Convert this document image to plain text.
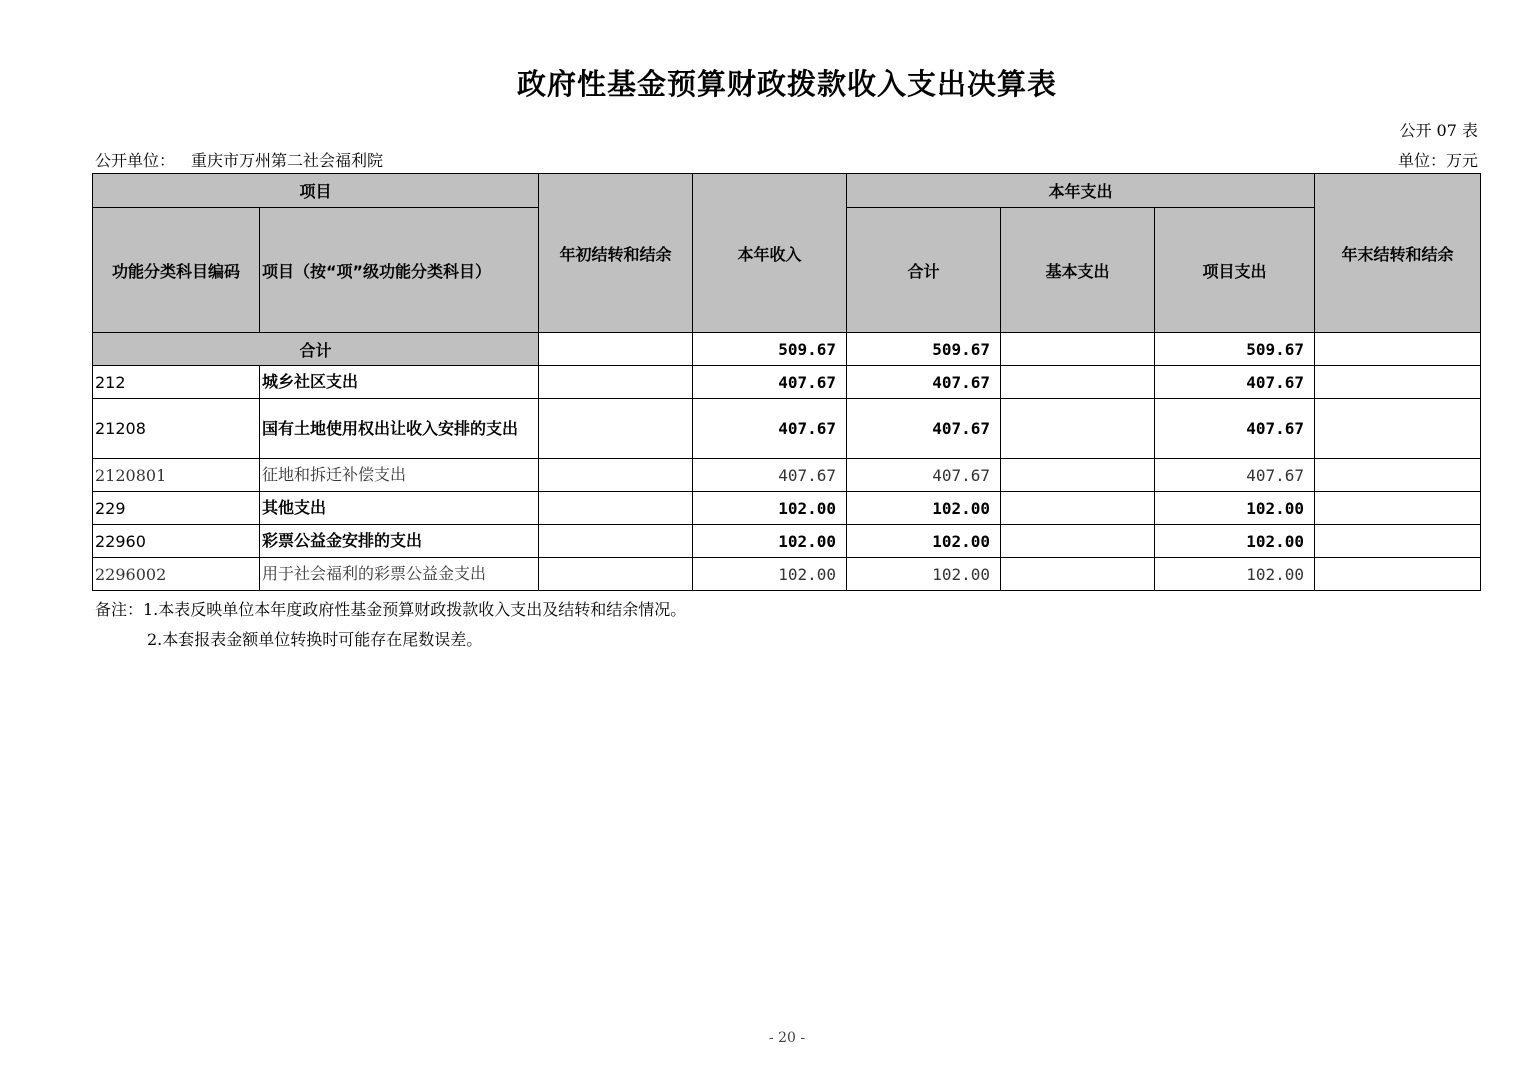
政府性基金预算财政拨款收入支出决算表
公开 07 表
公开单位： 重庆市万州第二社会福利院	单位：万元
项目		年初结转和结余	本年收入	本年支出			年末结转和结余
功能分类科目编码	项目（按“项”级功能分类科目）			合计	基本支出	项目支出	
合计			509.67	509.67		509.67	
212	城乡社区支出		407.67	407.67		407.67	
21208	国有土地使用权出让收入安排的支出		407.67	407.67		407.67	
2120801	征地和拆迁补偿支出		407.67	407.67		407.67	
229	其他支出		102.00	102.00		102.00	
22960	彩票公益金安排的支出		102.00	102.00		102.00	
2296002	用于社会福利的彩票公益金支出		102.00	102.00		102.00	
备注：1.本表反映单位本年度政府性基金预算财政拨款收入支出及结转和结余情况。
2.本套报表金额单位转换时可能存在尾数误差。
- 20 -
